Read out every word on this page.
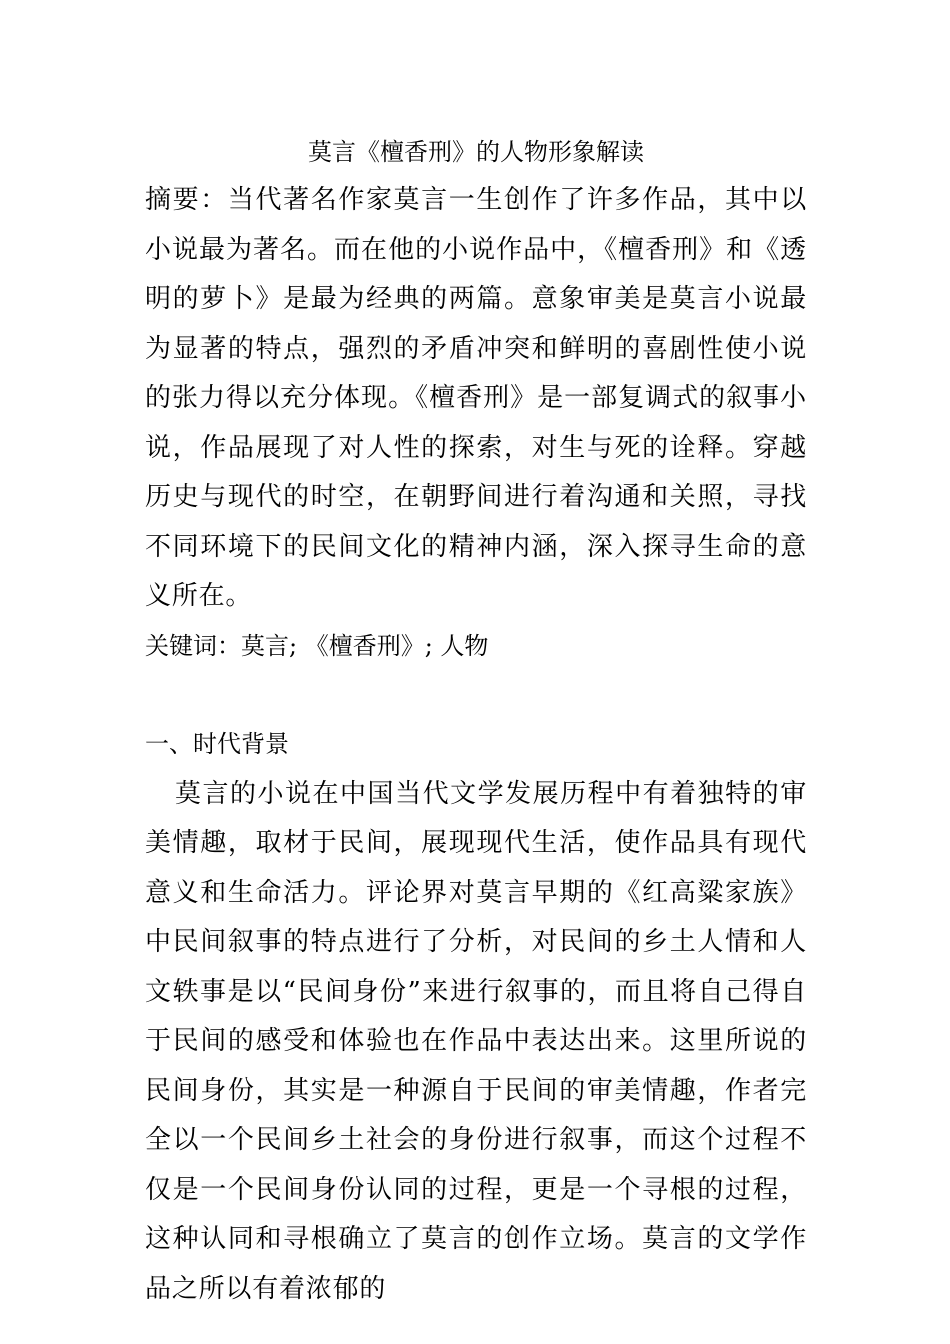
莫言《檀香刑》的人物形象解读

摘要：当代著名作家莫言一生创作了许多作品，其中以小说最为著名。而在他的小说作品中，《檀香刑》和《透明的萝卜》是最为经典的两篇。意象审美是莫言小说最为显著的特点，强烈的矛盾冲突和鲜明的喜剧性使小说的张力得以充分体现。《檀香刑》是一部复调式的叙事小说，作品展现了对人性的探索，对生与死的诠释。穿越历史与现代的时空，在朝野间进行着沟通和关照，寻找不同环境下的民间文化的精神内涵，深入探寻生命的意义所在。

关键词：莫言; 《檀香刑》; 人物

一、时代背景

莫言的小说在中国当代文学发展历程中有着独特的审美情趣，取材于民间，展现现代生活，使作品具有现代意义和生命活力。评论界对莫言早期的《红高粱家族》中民间叙事的特点进行了分析，对民间的乡土人情和人文轶事是以“民间身份”来进行叙事的，而且将自己得自于民间的感受和体验也在作品中表达出来。这里所说的民间身份，其实是一种源自于民间的审美情趣，作者完全以一个民间乡土社会的身份进行叙事，而这个过程不仅是一个民间身份认同的过程，更是一个寻根的过程，这种认同和寻根确立了莫言的创作立场。莫言的文学作品之所以有着浓郁的
